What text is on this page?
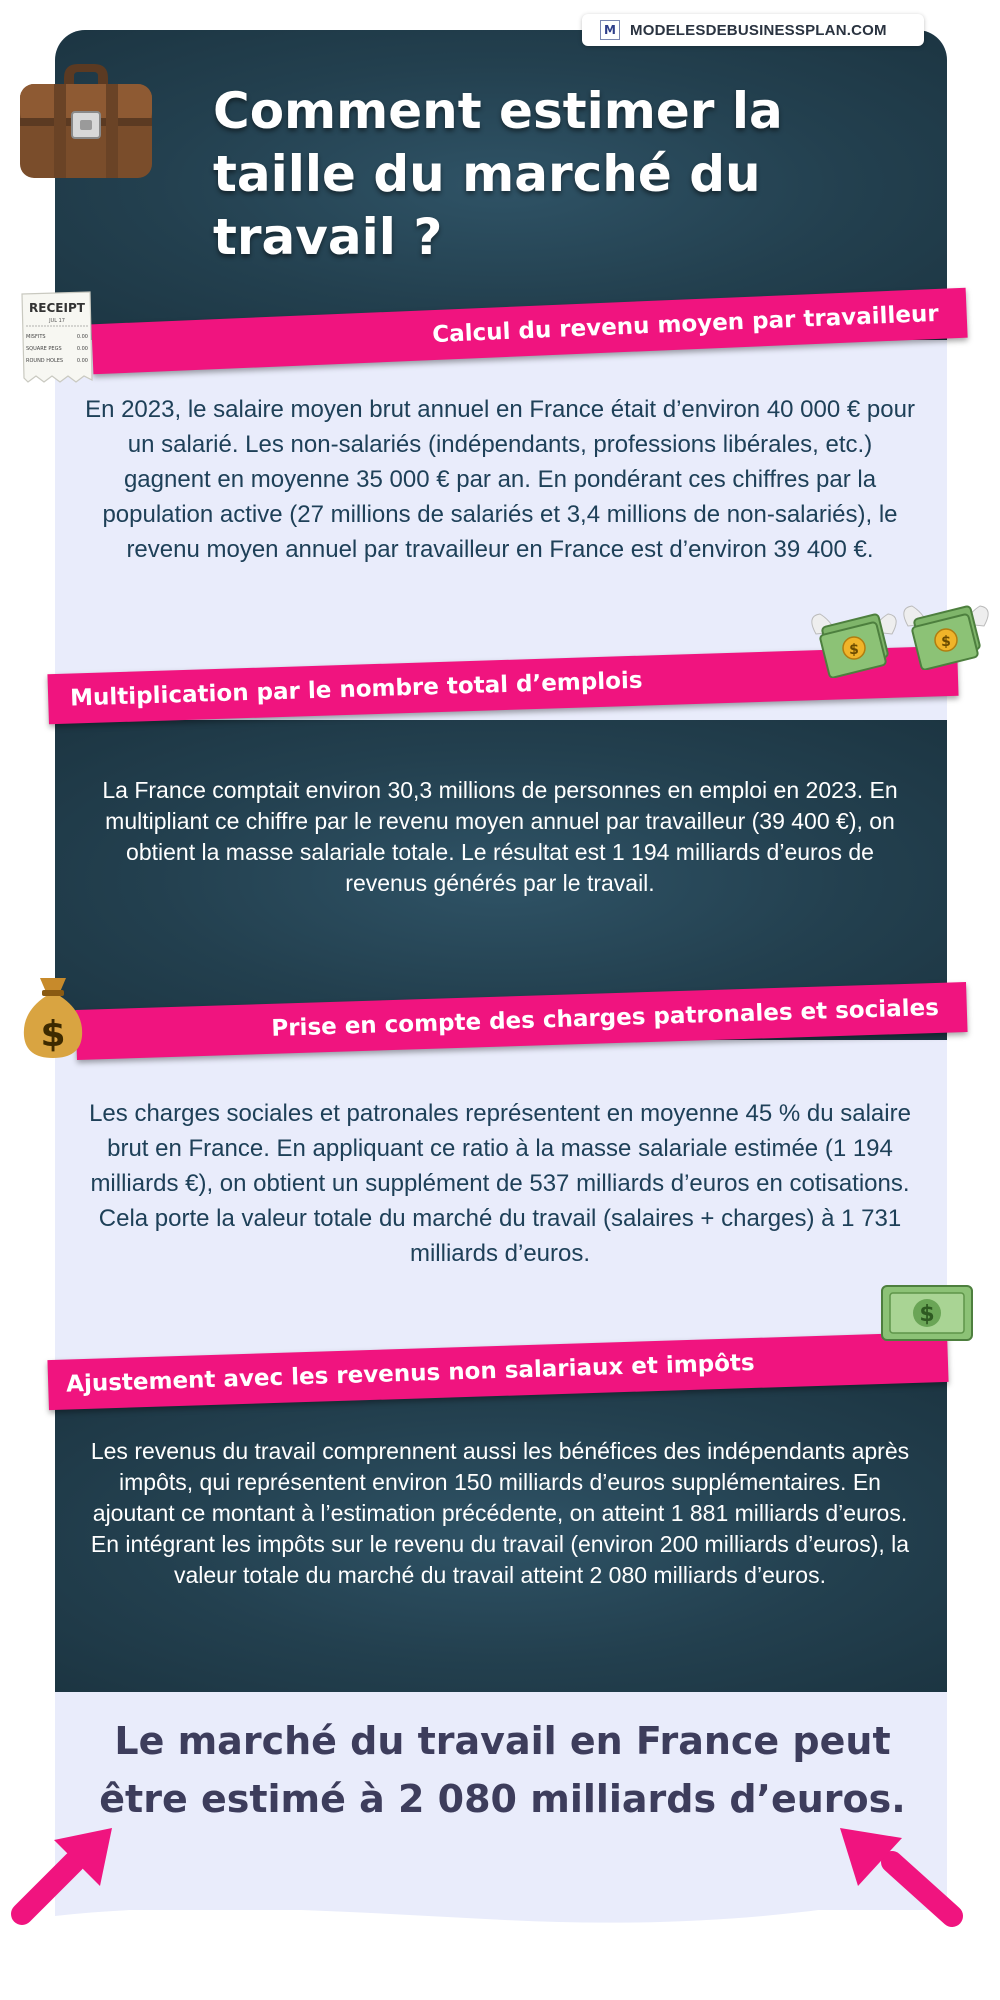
M MODELESDEBUSINESSPLAN.COM
Comment estimer la taille du marché du travail ?
RECEIPT
JUL 17
MISFITS	0.00
SQUARE PEGS	0.00
ROUND HOLES	0.00
Calcul du revenu moyen par travailleur

En 2023, le salaire moyen brut annuel en France était d’environ 40 000 € pour un salarié. Les non-salariés (indépendants, professions libérales, etc.) gagnent en moyenne 35 000 € par an. En pondérant ces chiffres par la population active (27 millions de salariés et 3,4 millions de non-salariés), le revenu moyen annuel par travailleur en France est d’environ 39 400 €.

$	$
Multiplication par le nombre total d’emplois

La France comptait environ 30,3 millions de personnes en emploi en 2023. En multipliant ce chiffre par le revenu moyen annuel par travailleur (39 400 €), on obtient la masse salariale totale. Le résultat est 1 194 milliards d’euros de revenus générés par le travail.

$	Prise en compte des charges patronales et sociales

Les charges sociales et patronales représentent en moyenne 45 % du salaire brut en France. En appliquant ce ratio à la masse salariale estimée (1 194 milliards €), on obtient un supplément de 537 milliards d’euros en cotisations. Cela porte la valeur totale du marché du travail (salaires + charges) à 1 731 milliards d’euros.

$
Ajustement avec les revenus non salariaux et impôts

Les revenus du travail comprennent aussi les bénéfices des indépendants après impôts, qui représentent environ 150 milliards d’euros supplémentaires. En ajoutant ce montant à l’estimation précédente, on atteint 1 881 milliards d’euros. En intégrant les impôts sur le revenu du travail (environ 200 milliards d’euros), la valeur totale du marché du travail atteint 2 080 milliards d’euros.

Le marché du travail en France peut être estimé à 2 080 milliards d’euros.
